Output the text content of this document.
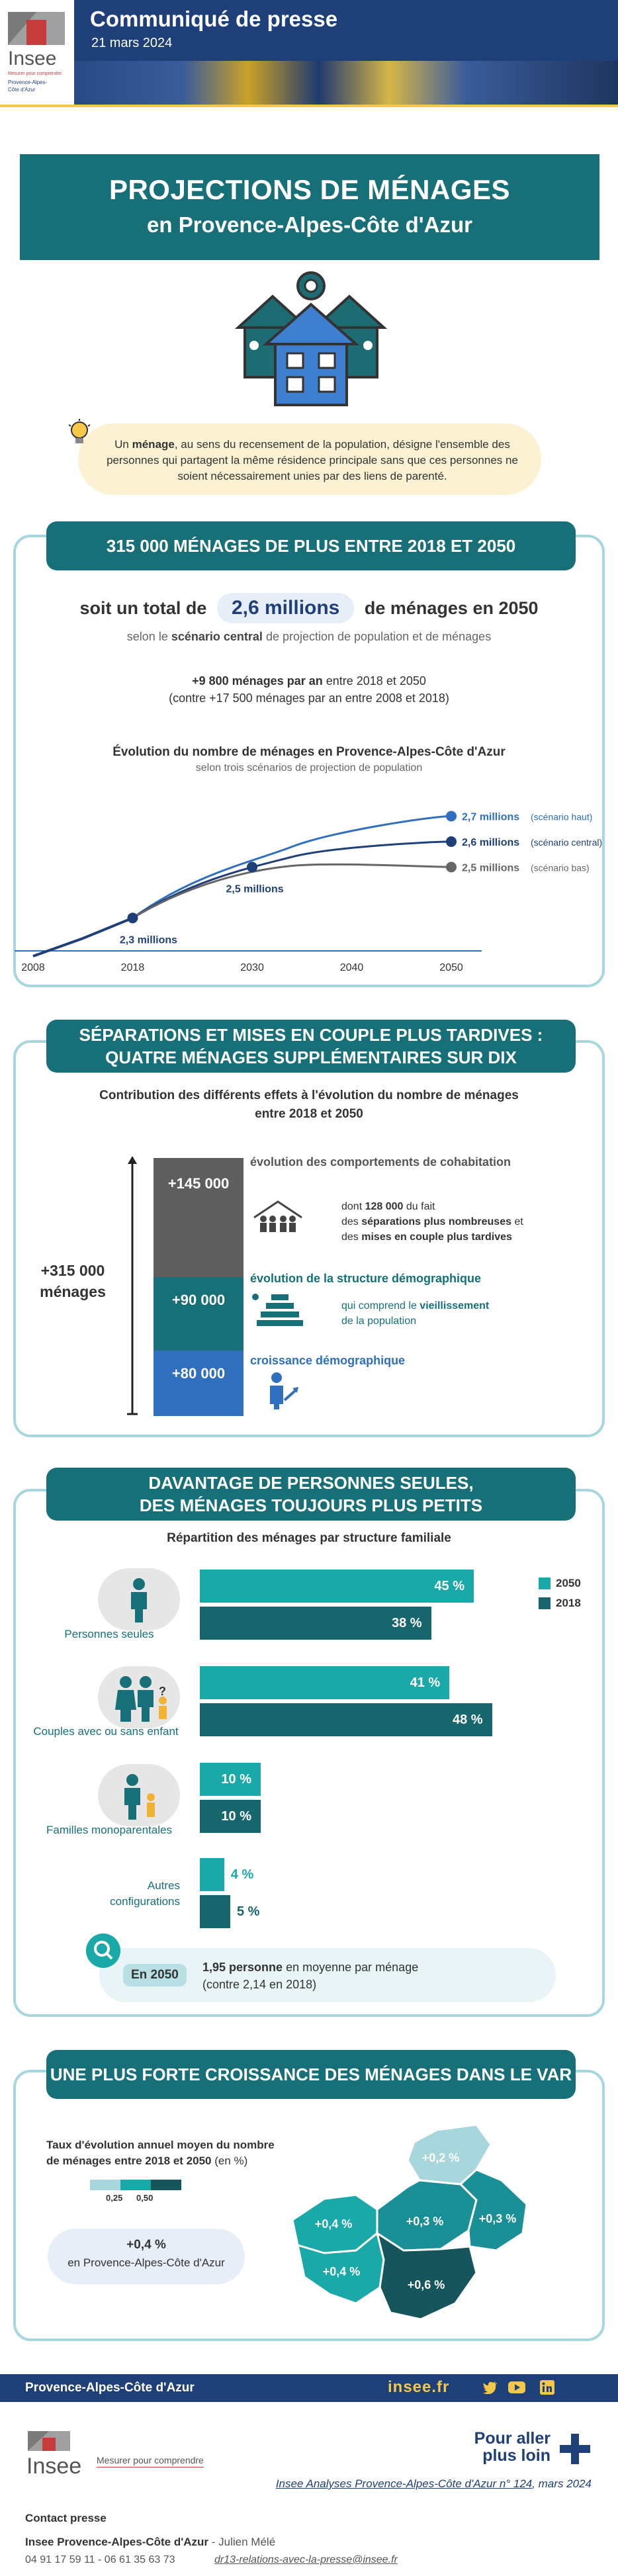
Insee
Mesurer pour comprendre
Provence-Alpes-
Côte d'Azur
Communiqué de presse
21 mars 2024
PROJECTIONS DE MÉNAGES
en Provence-Alpes-Côte d'Azur
Un ménage, au sens du recensement de la population, désigne l'ensemble des personnes qui partagent la même résidence principale sans que ces personnes ne soient nécessairement unies par des liens de parenté.
315 000 MÉNAGES DE PLUS ENTRE 2018 ET 2050
soit un total de 2,6 millions de ménages en 2050
selon le scénario central de projection de population et de ménages
+9 800 ménages par an entre 2018 et 2050
(contre +17 500 ménages par an entre 2008 et 2018)
Évolution du nombre de ménages en Provence-Alpes-Côte d'Azur
selon trois scénarios de projection de population
2008	2018	2030	2040	2050
2,7 millions (scénario haut)
2,6 millions (scénario central)
2,5 millions (scénario bas)
2,3 millions
2,5 millions
SÉPARATIONS ET MISES EN COUPLE PLUS TARDIVES :
QUATRE MÉNAGES SUPPLÉMENTAIRES SUR DIX
Contribution des différents effets à l'évolution du nombre de ménages
entre 2018 et 2050
+315 000
ménages
+145 000
+90 000
+80 000
évolution des comportements de cohabitation
dont 128 000 du fait
des séparations plus nombreuses et
des mises en couple plus tardives
évolution de la structure démographique
qui comprend le vieillissement
de la population
croissance démographique
DAVANTAGE DE PERSONNES SEULES,
DES MÉNAGES TOUJOURS PLUS PETITS
Répartition des ménages par structure familiale
2050
2018
?
Personnes seules
Couples avec ou sans enfant
Familles monoparentales
Autres
configurations
45 %
38 %
41 %
48 %
10 %
10 %
4 %
5 %
En 2050
1,95 personne en moyenne par ménage
(contre 2,14 en 2018)
UNE PLUS FORTE CROISSANCE DES MÉNAGES DANS LE VAR
Taux d'évolution annuel moyen du nombre
de ménages entre 2018 et 2050 (en %)
0,25 0,50
+0,4 %
en Provence-Alpes-Côte d'Azur
+0,2 %
+0,4 %	+0,3 %	+0,3 %
+0,4 %
+0,6 %
Provence-Alpes-Côte d'Azur	insee.fr
Insee Mesurer pour comprendre
Pour aller
plus loin
Insee Analyses Provence-Alpes-Côte d'Azur n° 124, mars 2024
Contact presse
Insee Provence-Alpes-Côte d'Azur - Julien Mélé
04 91 17 59 11 - 06 61 35 63 73	dr13-relations-avec-la-presse@insee.fr
